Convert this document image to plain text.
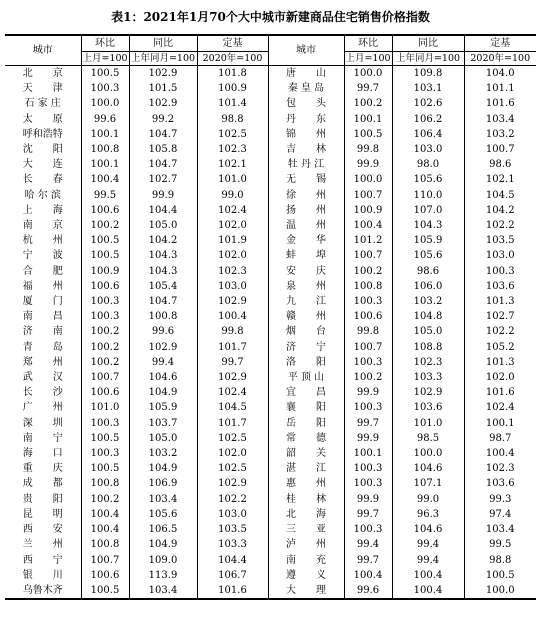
表1：2021年1月70个大中城市新建商品住宅销售价格指数
城市	环比	同比	定基	城市	环比	同比	定基
	上月=100	上年同月=100	2020年=100		上月=100	上年同月=100	2020年=100
北　　京	100.5	102.9	101.8	唐　　山	100.0	109.8	104.0
天　　津	100.3	101.5	100.9	秦 皇 岛	99.7	103.1	101.1
石 家 庄	100.0	102.9	101.4	包　　头	100.2	102.6	101.6
太　　原	99.6	99.2	98.8	丹　　东	100.1	106.2	103.4
呼和浩特	100.1	104.7	102.5	锦　　州	100.5	106.4	103.2
沈　　阳	100.8	105.8	102.3	吉　　林	99.8	103.0	100.7
大　　连	100.1	104.7	102.1	牡 丹 江	99.9	98.0	98.6
长　　春	100.4	102.7	101.0	无　　锡	100.0	105.6	102.1
哈 尔 滨	99.5	99.9	99.0	徐　　州	100.7	110.0	104.5
上　　海	100.6	104.4	102.4	扬　　州	100.9	107.0	104.2
南　　京	100.2	105.0	102.0	温　　州	100.4	104.3	102.2
杭　　州	100.5	104.2	101.9	金　　华	101.2	105.9	103.5
宁　　波	100.5	104.3	102.0	蚌　　埠	100.7	105.6	103.0
合　　肥	100.9	104.3	102.3	安　　庆	100.2	98.6	100.3
福　　州	100.6	105.4	103.0	泉　　州	100.8	106.0	103.6
厦　　门	100.3	104.7	102.9	九　　江	100.3	103.2	101.3
南　　昌	100.3	100.8	100.4	赣　　州	100.6	104.8	102.7
济　　南	100.2	99.6	99.8	烟　　台	99.8	105.0	102.2
青　　岛	100.2	102.9	101.7	济　　宁	100.7	108.8	105.2
郑　　州	100.2	99.4	99.7	洛　　阳	100.3	102.3	101.3
武　　汉	100.7	104.6	102.9	平 顶 山	100.2	103.3	102.0
长　　沙	100.6	104.9	102.4	宜　　昌	99.9	102.9	101.6
广　　州	101.0	105.9	104.5	襄　　阳	100.3	103.6	102.4
深　　圳	100.3	103.7	101.7	岳　　阳	99.7	101.0	100.1
南　　宁	100.5	105.0	102.5	常　　德	99.9	98.5	98.7
海　　口	100.3	103.2	102.0	韶　　关	100.1	100.0	100.4
重　　庆	100.5	104.9	102.5	湛　　江	100.3	104.6	102.3
成　　都	100.8	106.9	102.9	惠　　州	100.3	107.1	103.6
贵　　阳	100.2	103.4	102.2	桂　　林	99.9	99.0	99.3
昆　　明	100.4	105.6	103.0	北　　海	99.7	96.3	97.4
西　　安	100.4	106.5	103.5	三　　亚	100.3	104.6	103.4
兰　　州	100.8	104.9	103.3	泸　　州	99.4	99.4	99.5
西　　宁	100.7	109.0	104.4	南　　充	99.7	99.4	98.8
银　　川	100.6	113.9	106.7	遵　　义	100.4	100.4	100.5
乌鲁木齐	100.5	103.4	101.6	大　　理	99.6	100.4	100.0
